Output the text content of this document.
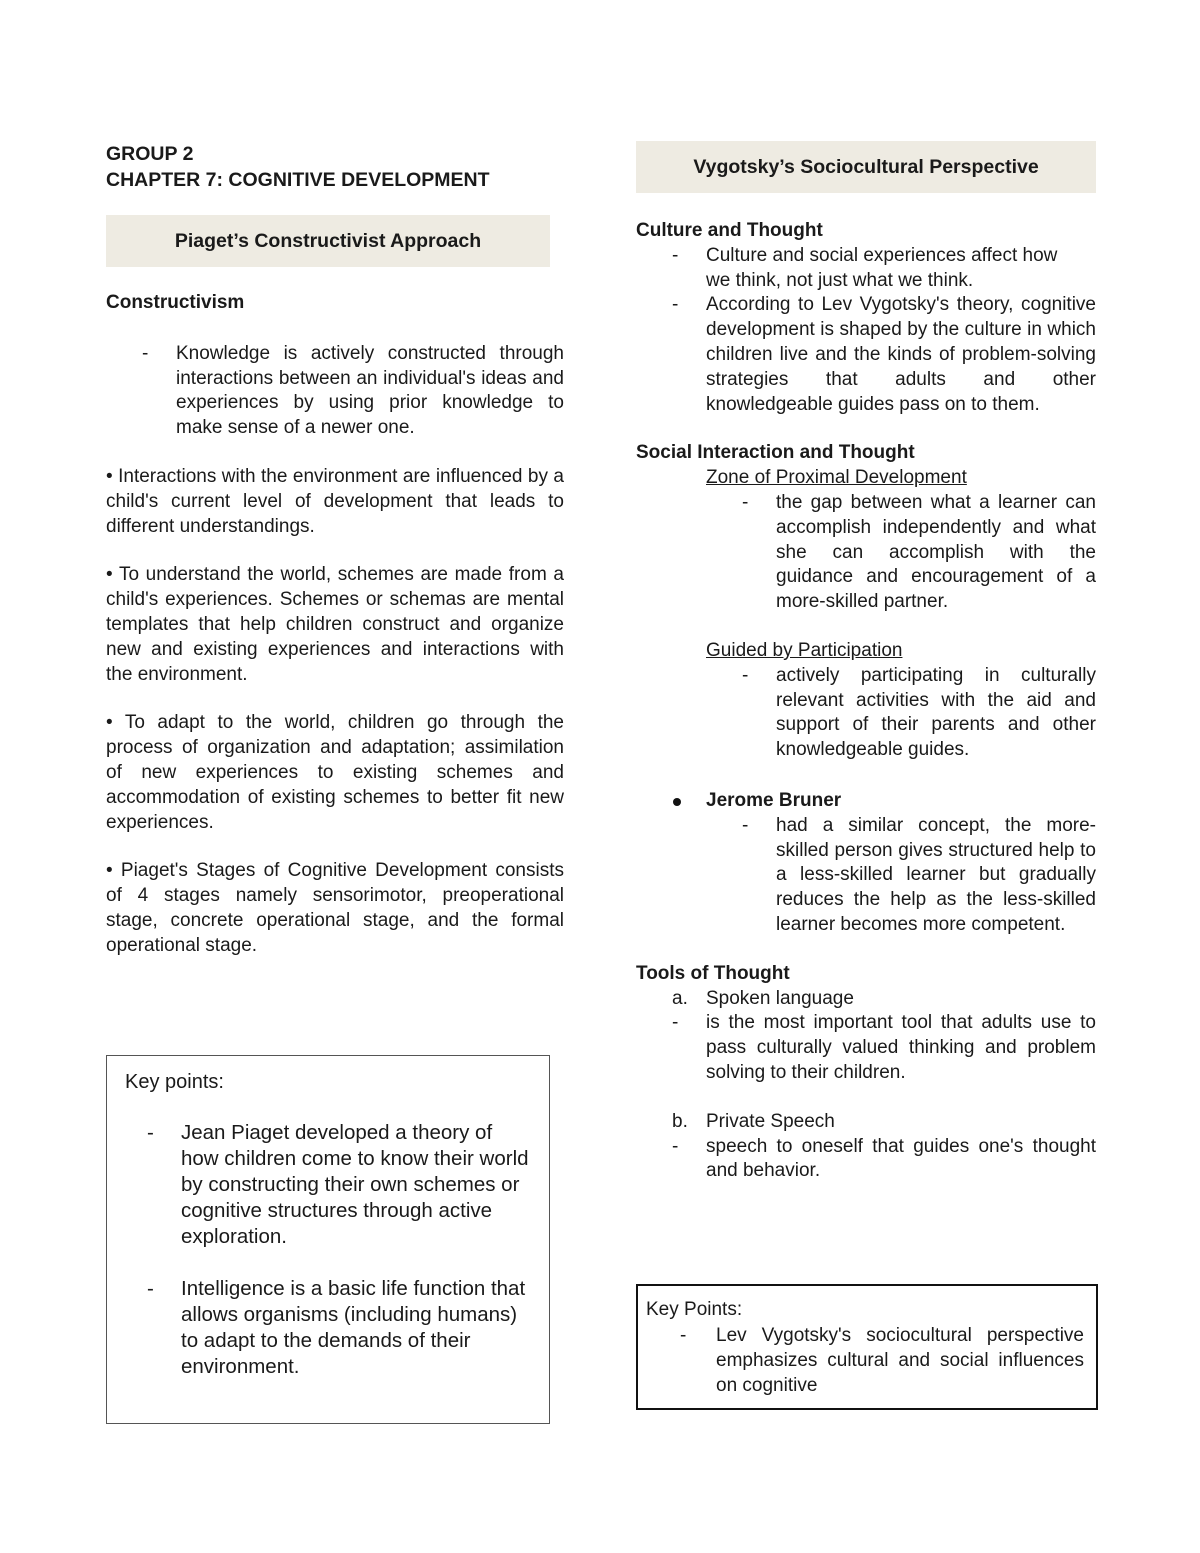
GROUP 2
CHAPTER 7: COGNITIVE DEVELOPMENT
Piaget’s Constructivist Approach
Constructivism
- Knowledge is actively constructed through interactions between an individual's ideas and experiences by using prior knowledge to make sense of a newer one.

• Interactions with the environment are influenced by a child's current level of development that leads to different understandings.

• To understand the world, schemes are made from a child's experiences. Schemes or schemas are mental templates that help children construct and organize new and existing experiences and interactions with the environment.

• To adapt to the world, children go through the process of organization and adaptation; assimilation of new experiences to existing schemes and accommodation of existing schemes to better fit new experiences.

• Piaget's Stages of Cognitive Development consists of 4 stages namely sensorimotor, preoperational stage, concrete operational stage, and the formal operational stage.

Key points:
- Jean Piaget developed a theory of how children come to know their world by constructing their own schemes or cognitive structures through active exploration.
- Intelligence is a basic life function that allows organisms (including humans) to adapt to the demands of their environment.
Vygotsky’s Sociocultural Perspective
Culture and Thought
- Culture and social experiences affect how we think, not just what we think.
- According to Lev Vygotsky's theory, cognitive development is shaped by the culture in which children live and the kinds of problem-solving strategies that adults and other knowledgeable guides pass on to them.
Social Interaction and Thought
Zone of Proximal Development
- the gap between what a learner can accomplish independently and what she can accomplish with the guidance and encouragement of a more-skilled partner.
Guided by Participation
- actively participating in culturally relevant activities with the aid and support of their parents and other knowledgeable guides.
Jerome Bruner
- had a similar concept, the more-skilled person gives structured help to a less-skilled learner but gradually reduces the help as the less-skilled learner becomes more competent.
Tools of Thought
a. Spoken language
- is the most important tool that adults use to pass culturally valued thinking and problem solving to their children.
b. Private Speech
- speech to oneself that guides one's thought and behavior.
Key Points:
- Lev Vygotsky's sociocultural perspective emphasizes cultural and social influences on cognitive
